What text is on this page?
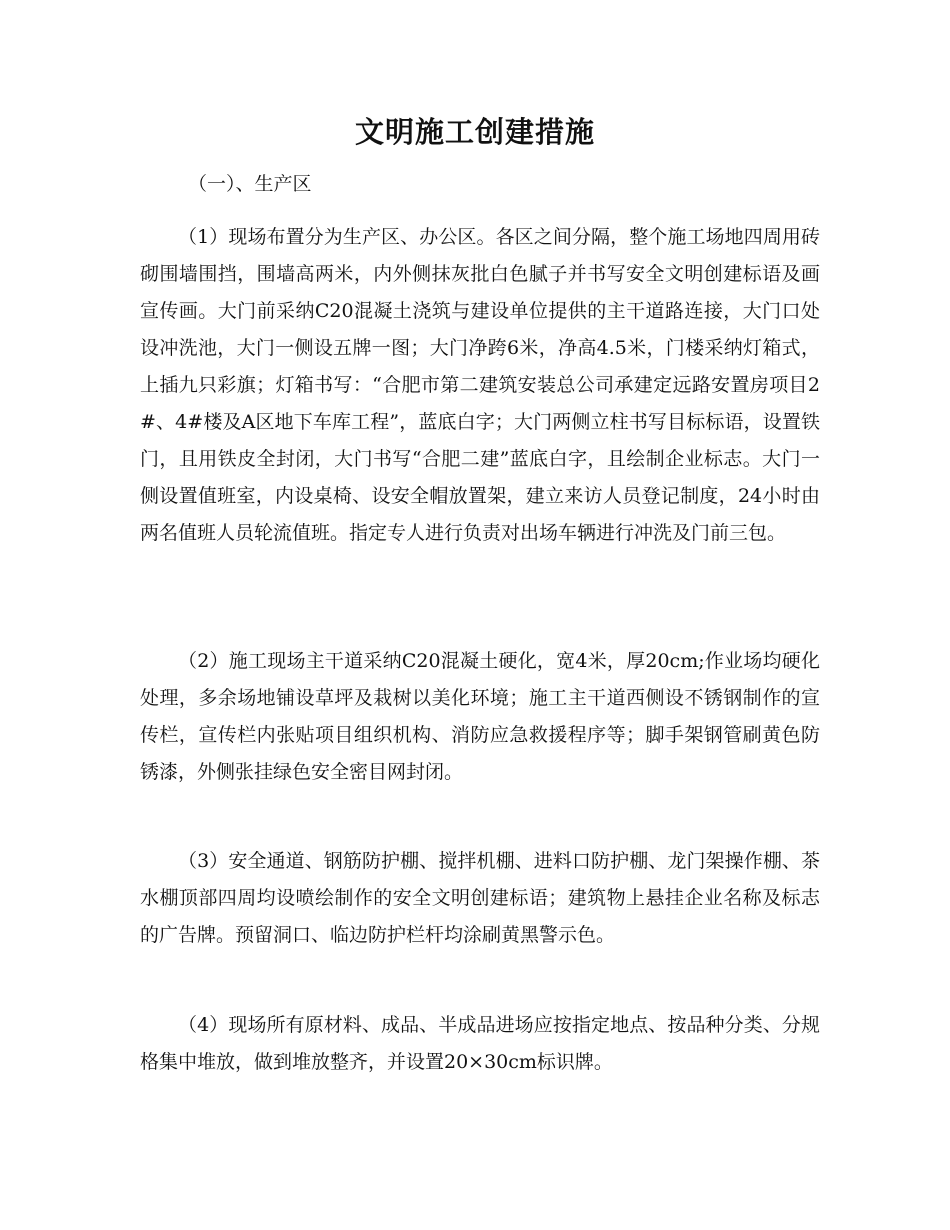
文明施工创建措施

（一）、生产区

（1）现场布置分为生产区、办公区。各区之间分隔，整个施工场地四周用砖砌围墙围挡，围墙高两米，内外侧抹灰批白色腻子并书写安全文明创建标语及画宣传画。大门前采纳C20混凝土浇筑与建设单位提供的主干道路连接，大门口处设冲洗池，大门一侧设五牌一图；大门净跨6米，净高4.5米，门楼采纳灯箱式，上插九只彩旗；灯箱书写：“合肥市第二建筑安装总公司承建定远路安置房项目2#、4#楼及A区地下车库工程”，蓝底白字；大门两侧立柱书写目标标语，设置铁门，且用铁皮全封闭，大门书写“合肥二建”蓝底白字，且绘制企业标志。大门一侧设置值班室，内设桌椅、设安全帽放置架，建立来访人员登记制度，24小时由两名值班人员轮流值班。指定专人进行负责对出场车辆进行冲洗及门前三包。

（2）施工现场主干道采纳C20混凝土硬化，宽4米，厚20cm;作业场均硬化处理，多余场地铺设草坪及栽树以美化环境；施工主干道西侧设不锈钢制作的宣传栏，宣传栏内张贴项目组织机构、消防应急救援程序等；脚手架钢管刷黄色防锈漆，外侧张挂绿色安全密目网封闭。

（3）安全通道、钢筋防护棚、搅拌机棚、进料口防护棚、龙门架操作棚、茶水棚顶部四周均设喷绘制作的安全文明创建标语；建筑物上悬挂企业名称及标志的广告牌。预留洞口、临边防护栏杆均涂刷黄黑警示色。

（4）现场所有原材料、成品、半成品进场应按指定地点、按品种分类、分规格集中堆放，做到堆放整齐，并设置20×30cm标识牌。
